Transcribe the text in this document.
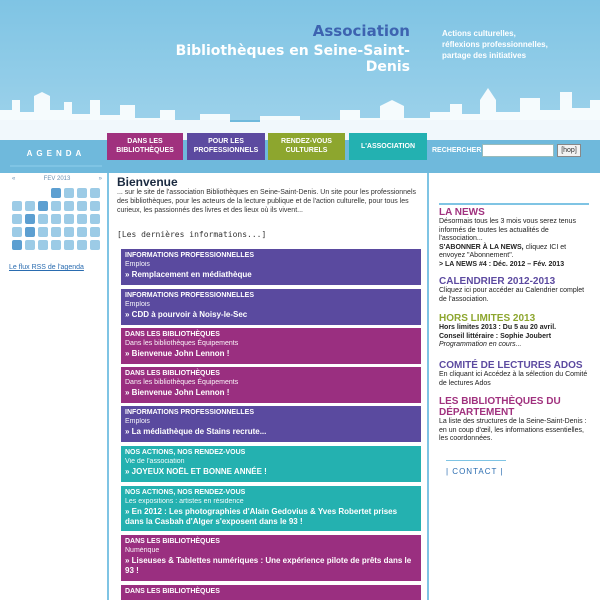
Association
Bibliothèques en Seine-Saint-Denis
Actions culturelles,
réflexions professionnelles,
partage des initiatives
DANS LES BIBLIOTHÈQUES
POUR LES PROFESSIONNELS
RENDEZ-VOUS CULTURELS
L'ASSOCIATION
RECHERCHER	[hop]
AGENDA
«	FEV 2013	»
Le flux RSS de l'agenda
Bienvenue
... sur le site de l'association Bibliothèques en Seine-Saint-Denis. Un site pour les professionnels des bibliothèques, pour les acteurs de la lecture publique et de l'action culturelle, pour tous les curieux, les passionnés des livres et des lieux où ils vivent...
[Les dernières informations...]
INFORMATIONS PROFESSIONNELLES
Emplois
» Remplacement en médiathèque
INFORMATIONS PROFESSIONNELLES
Emplois
» CDD à pourvoir à Noisy-le-Sec
DANS LES BIBLIOTHÈQUES
Dans les bibliothèques Équipements
» Bienvenue John Lennon !
DANS LES BIBLIOTHÈQUES
Dans les bibliothèques Équipements
» Bienvenue John Lennon !
INFORMATIONS PROFESSIONNELLES
Emplois
» La médiathèque de Stains recrute...
NOS ACTIONS, NOS RENDEZ-VOUS
Vie de l'association
» JOYEUX NOËL ET BONNE ANNÉE !
NOS ACTIONS, NOS RENDEZ-VOUS
Les expositions : artistes en résidence
» En 2012 : Les photographies d'Alain Gedovius & Yves Robertet prises dans la Casbah d'Alger s'exposent dans le 93 !
DANS LES BIBLIOTHÈQUES
Numérique
» Liseuses & Tablettes numériques : Une expérience pilote de prêts dans le 93 !
DANS LES BIBLIOTHÈQUES
LA NEWS
Désormais tous les 3 mois vous serez tenus informés de toutes les actualités de l'association...
S'ABONNER À LA NEWS, cliquez ICI et envoyez "Abonnement".
> LA NEWS #4 : Déc. 2012 – Fév. 2013
CALENDRIER 2012-2013
Cliquez ici pour accéder au Calendrier complet de l'association.
HORS LIMITES 2013
Hors limites 2013 : Du 5 au 20 avril.
Conseil littéraire : Sophie Joubert
Programmation en cours...
COMITÉ DE LECTURES ADOS
En cliquant ici Accédez à la sélection du Comité de lectures Ados
LES BIBLIOTHÈQUES DU DÉPARTEMENT
La liste des structures de la Seine-Saint-Denis : en un coup d'œil, les informations essentielles, les coordonnées.
| CONTACT |
